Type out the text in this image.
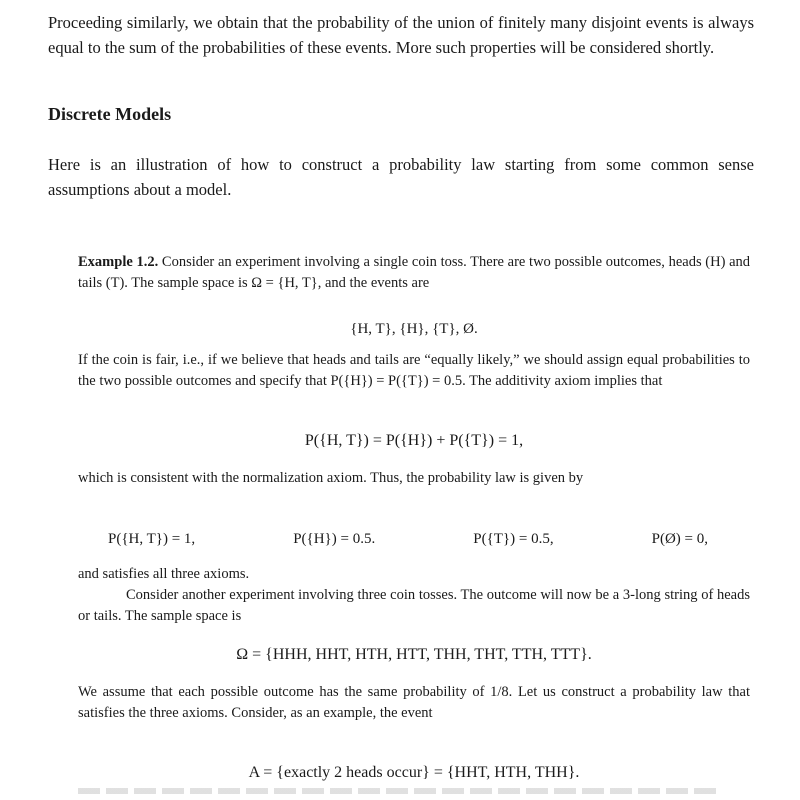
Proceeding similarly, we obtain that the probability of the union of finitely many disjoint events is always equal to the sum of the probabilities of these events. More such properties will be considered shortly.

Discrete Models

Here is an illustration of how to construct a probability law starting from some common sense assumptions about a model.

Example 1.2. Consider an experiment involving a single coin toss. There are two possible outcomes, heads (H) and tails (T). The sample space is Ω = {H, T}, and the events are

{H, T}, {H}, {T}, Ø.

If the coin is fair, i.e., if we believe that heads and tails are “equally likely,” we should assign equal probabilities to the two possible outcomes and specify that P({H}) = P({T}) = 0.5. The additivity axiom implies that

P({H, T}) = P({H}) + P({T}) = 1,

which is consistent with the normalization axiom. Thus, the probability law is given by

P({H, T}) = 1,	P({H}) = 0.5.	P({T}) = 0.5,	P(Ø) = 0,

and satisfies all three axioms.

Consider another experiment involving three coin tosses. The outcome will now be a 3-long string of heads or tails. The sample space is

Ω = {HHH, HHT, HTH, HTT, THH, THT, TTH, TTT}.

We assume that each possible outcome has the same probability of 1/8. Let us construct a probability law that satisfies the three axioms. Consider, as an example, the event

A = {exactly 2 heads occur} = {HHT, HTH, THH}.
